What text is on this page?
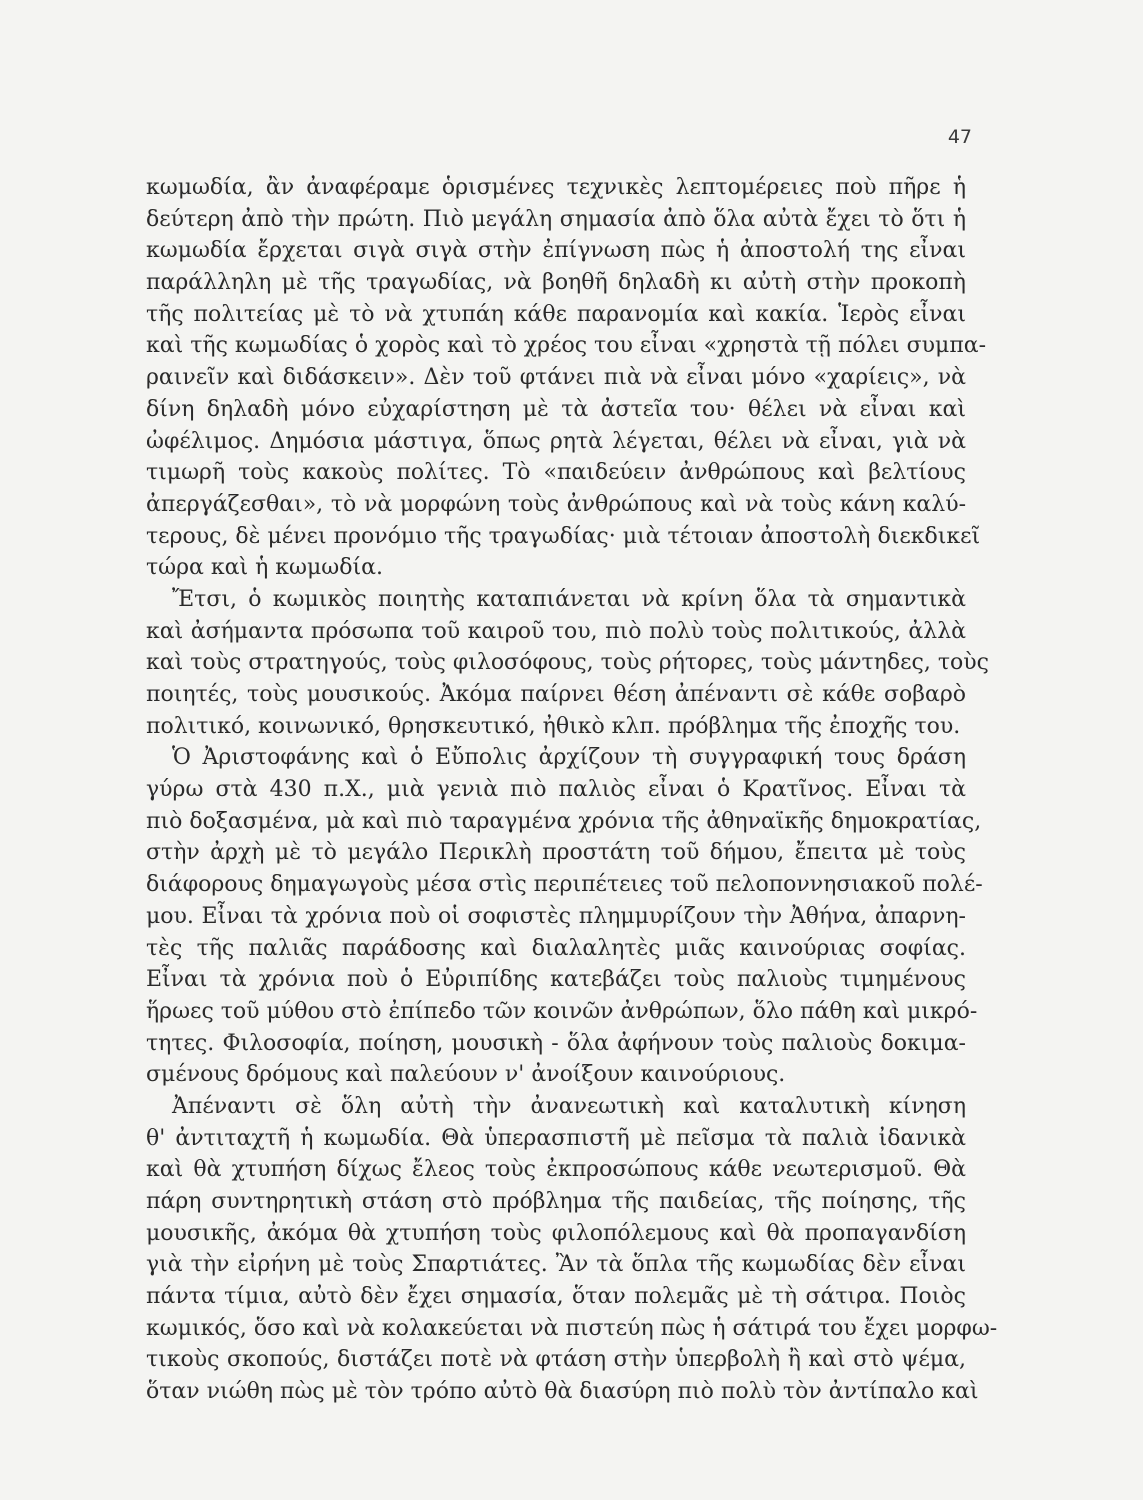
47
κωμωδία, ἂν ἀναφέραμε ὁρισμένες τεχνικὲς λεπτομέρειες ποὺ πῆρε ἡ
δεύτερη ἀπὸ τὴν πρώτη. Πιὸ μεγάλη σημασία ἀπὸ ὅλα αὐτὰ ἔχει τὸ ὅτι ἡ
κωμωδία ἔρχεται σιγὰ σιγὰ στὴν ἐπίγνωση πὼς ἡ ἀποστολή της εἶναι
παράλληλη μὲ τῆς τραγωδίας, νὰ βοηθῆ δηλαδὴ κι αὐτὴ στὴν προκοπὴ
τῆς πολιτείας μὲ τὸ νὰ χτυπάη κάθε παρανομία καὶ κακία. Ἱερὸς εἶναι
καὶ τῆς κωμωδίας ὁ χορὸς καὶ τὸ χρέος του εἶναι «χρηστὰ τῇ πόλει συμπα-
ραινεῖν καὶ διδάσκειν». Δὲν τοῦ φτάνει πιὰ νὰ εἶναι μόνο «χαρίεις», νὰ
δίνη δηλαδὴ μόνο εὐχαρίστηση μὲ τὰ ἀστεῖα του· θέλει νὰ εἶναι καὶ
ὠφέλιμος. Δημόσια μάστιγα, ὅπως ρητὰ λέγεται, θέλει νὰ εἶναι, γιὰ νὰ
τιμωρῆ τοὺς κακοὺς πολίτες. Τὸ «παιδεύειν ἀνθρώπους καὶ βελτίους
ἀπεργάζεσθαι», τὸ νὰ μορφώνη τοὺς ἀνθρώπους καὶ νὰ τοὺς κάνη καλύ-
τερους, δὲ μένει προνόμιο τῆς τραγωδίας· μιὰ τέτοιαν ἀποστολὴ διεκδικεῖ
τώρα καὶ ἡ κωμωδία.
Ἔτσι, ὁ κωμικὸς ποιητὴς καταπιάνεται νὰ κρίνη ὅλα τὰ σημαντικὰ
καὶ ἀσήμαντα πρόσωπα τοῦ καιροῦ του, πιὸ πολὺ τοὺς πολιτικούς, ἀλλὰ
καὶ τοὺς στρατηγούς, τοὺς φιλοσόφους, τοὺς ρήτορες, τοὺς μάντηδες, τοὺς
ποιητές, τοὺς μουσικούς. Ἀκόμα παίρνει θέση ἀπέναντι σὲ κάθε σοβαρὸ
πολιτικό, κοινωνικό, θρησκευτικό, ἠθικὸ κλπ. πρόβλημα τῆς ἐποχῆς του.
Ὁ Ἀριστοφάνης καὶ ὁ Εὔπολις ἀρχίζουν τὴ συγγραφική τους δράση
γύρω στὰ 430 π.Χ., μιὰ γενιὰ πιὸ παλιὸς εἶναι ὁ Κρατῖνος. Εἶναι τὰ
πιὸ δοξασμένα, μὰ καὶ πιὸ ταραγμένα χρόνια τῆς ἀθηναϊκῆς δημοκρατίας,
στὴν ἀρχὴ μὲ τὸ μεγάλο Περικλὴ προστάτη τοῦ δήμου, ἔπειτα μὲ τοὺς
διάφορους δημαγωγοὺς μέσα στὶς περιπέτειες τοῦ πελοποννησιακοῦ πολέ-
μου. Εἶναι τὰ χρόνια ποὺ οἱ σοφιστὲς πλημμυρίζουν τὴν Ἀθήνα, ἀπαρνη-
τὲς τῆς παλιᾶς παράδοσης καὶ διαλαλητὲς μιᾶς καινούριας σοφίας.
Εἶναι τὰ χρόνια ποὺ ὁ Εὐριπίδης κατεβάζει τοὺς παλιοὺς τιμημένους
ἥρωες τοῦ μύθου στὸ ἐπίπεδο τῶν κοινῶν ἀνθρώπων, ὅλο πάθη καὶ μικρό-
τητες. Φιλοσοφία, ποίηση, μουσικὴ - ὅλα ἀφήνουν τοὺς παλιοὺς δοκιμα-
σμένους δρόμους καὶ παλεύουν ν' ἀνοίξουν καινούριους.
Ἀπέναντι σὲ ὅλη αὐτὴ τὴν ἀνανεωτικὴ καὶ καταλυτικὴ κίνηση
θ' ἀντιταχτῆ ἡ κωμωδία. Θὰ ὑπερασπιστῆ μὲ πεῖσμα τὰ παλιὰ ἰδανικὰ
καὶ θὰ χτυπήση δίχως ἔλεος τοὺς ἐκπροσώπους κάθε νεωτερισμοῦ. Θὰ
πάρη συντηρητικὴ στάση στὸ πρόβλημα τῆς παιδείας, τῆς ποίησης, τῆς
μουσικῆς, ἀκόμα θὰ χτυπήση τοὺς φιλοπόλεμους καὶ θὰ προπαγανδίση
γιὰ τὴν εἰρήνη μὲ τοὺς Σπαρτιάτες. Ἂν τὰ ὅπλα τῆς κωμωδίας δὲν εἶναι
πάντα τίμια, αὐτὸ δὲν ἔχει σημασία, ὅταν πολεμᾶς μὲ τὴ σάτιρα. Ποιὸς
κωμικός, ὅσο καὶ νὰ κολακεύεται νὰ πιστεύη πὼς ἡ σάτιρά του ἔχει μορφω-
τικοὺς σκοπούς, διστάζει ποτὲ νὰ φτάση στὴν ὑπερβολὴ ἢ καὶ στὸ ψέμα,
ὅταν νιώθη πὼς μὲ τὸν τρόπο αὐτὸ θὰ διασύρη πιὸ πολὺ τὸν ἀντίπαλο καὶ
